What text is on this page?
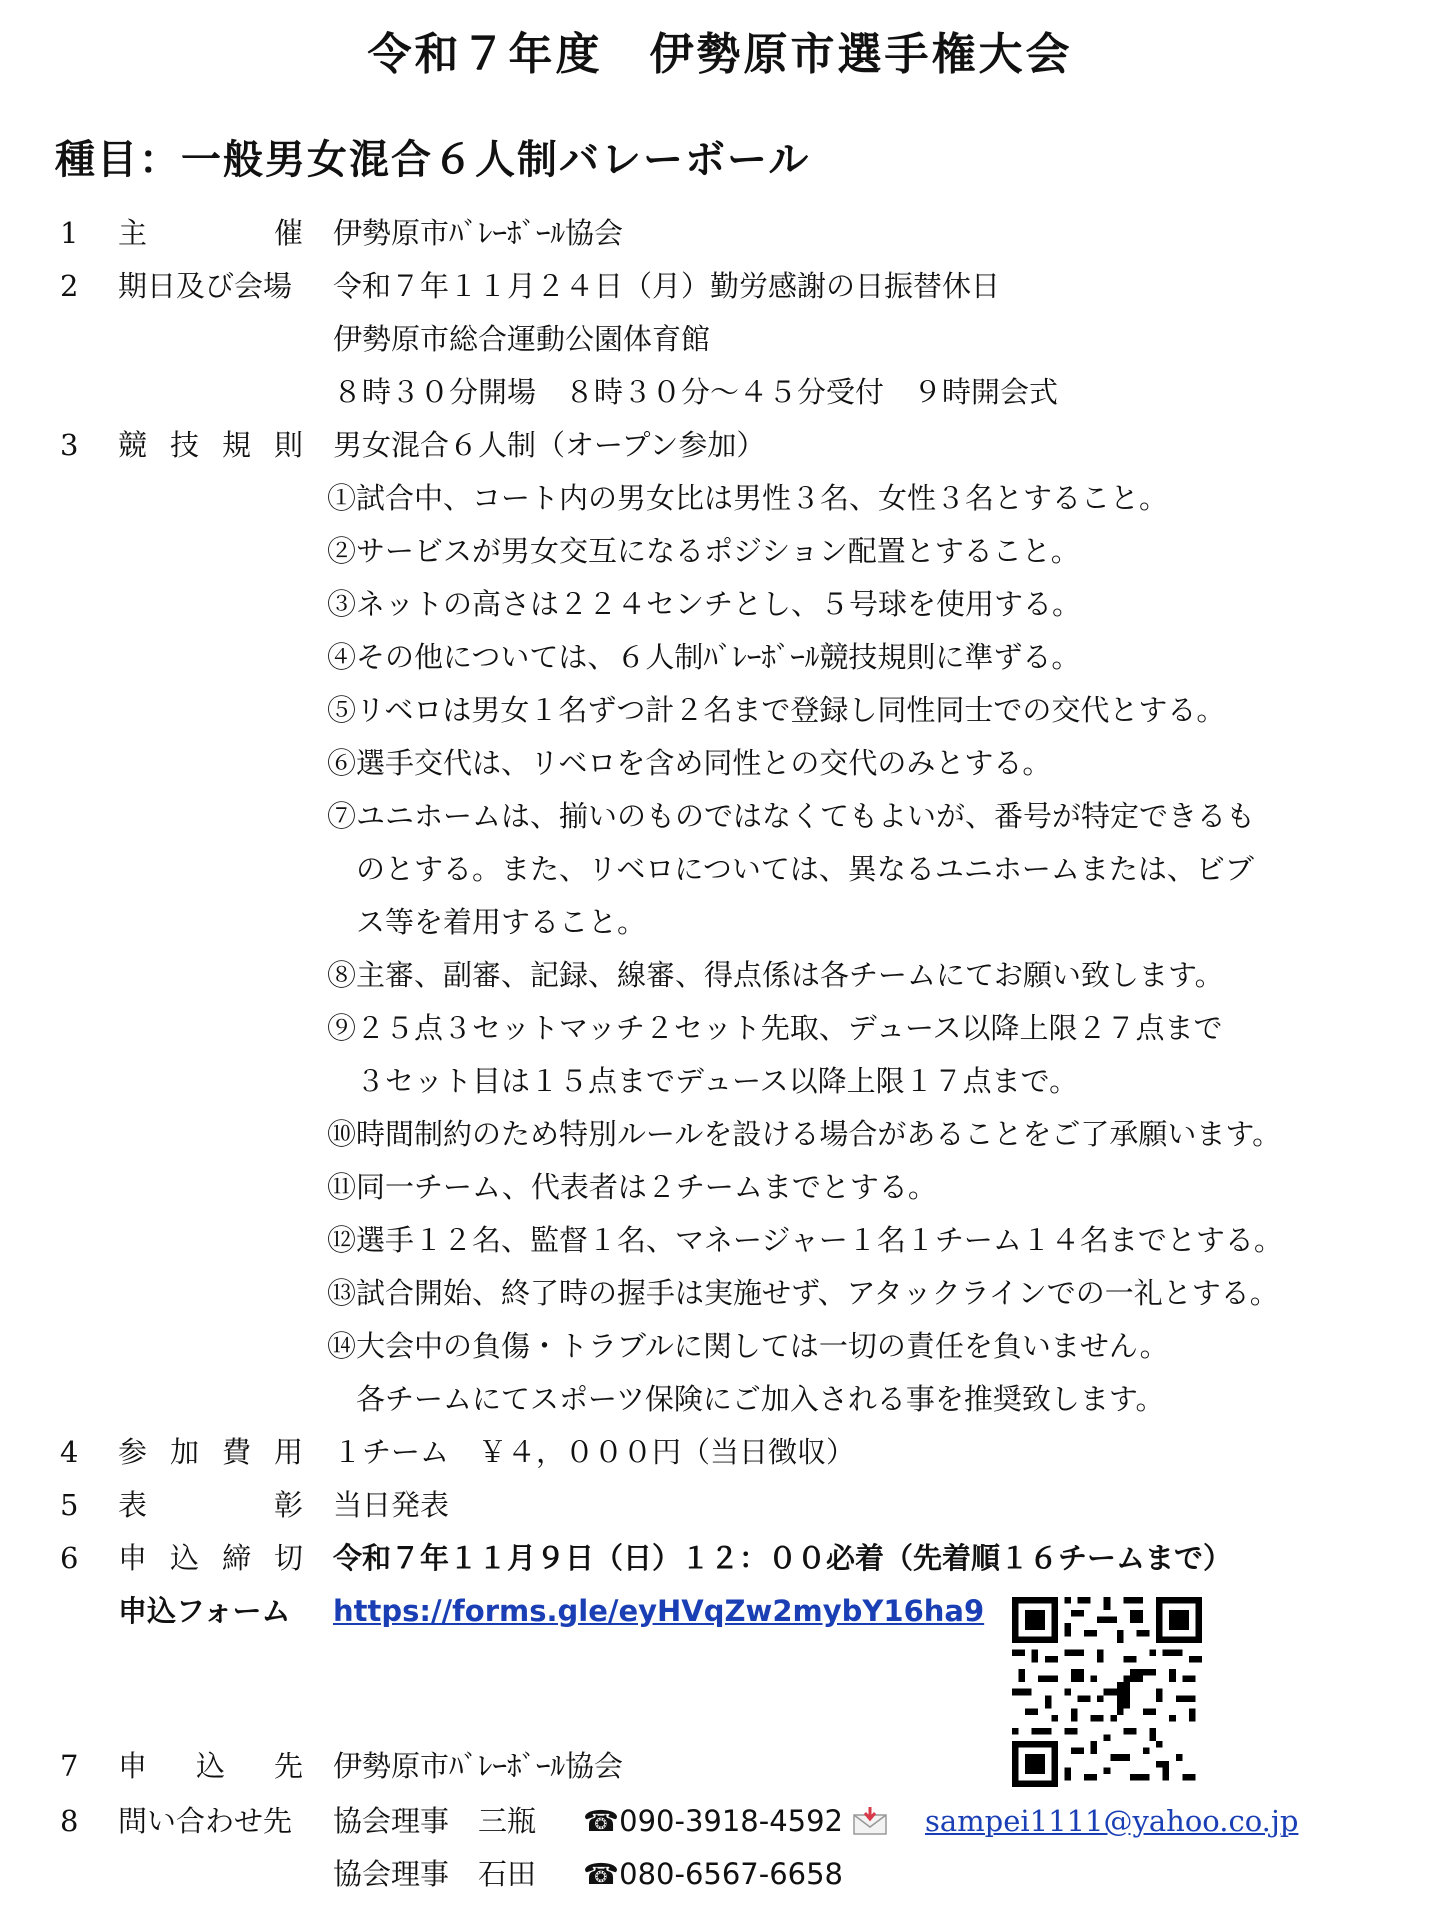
令和７年度　伊勢原市選手権大会
種目：一般男女混合６人制バレーボール
1 主	催 伊勢原市ﾊﾞﾚｰﾎﾞｰﾙ協会
2 期日及び会場	令和７年１１月２４日（月）勤労感謝の日振替休日
伊勢原市総合運動公園体育館
８時３０分開場　８時３０分～４５分受付　９時開会式
3 競 技 規 則 男女混合６人制（オープン参加）
①試合中、コート内の男女比は男性３名、女性３名とすること。
②サービスが男女交互になるポジション配置とすること。
③ネットの高さは２２４センチとし、５号球を使用する。
④その他については、６人制ﾊﾞﾚｰﾎﾞｰﾙ競技規則に準ずる。
⑤リベロは男女１名ずつ計２名まで登録し同性同士での交代とする。
⑥選手交代は、リベロを含め同性との交代のみとする。
⑦ユニホームは、揃いのものではなくてもよいが、番号が特定できるも
　のとする。また、リベロについては、異なるユニホームまたは、ビブ
　ス等を着用すること。
⑧主審、副審、記録、線審、得点係は各チームにてお願い致します。
⑨２５点３セットマッチ２セット先取、デュース以降上限２７点まで
　３セット目は１５点までデュース以降上限１７点まで。
⑩時間制約のため特別ルールを設ける場合があることをご了承願います。
⑪同一チーム、代表者は２チームまでとする。
⑫選手１２名、監督１名、マネージャー１名１チーム１４名までとする。
⑬試合開始、終了時の握手は実施せず、アタックラインでの一礼とする。
⑭大会中の負傷・トラブルに関しては一切の責任を負いません。
　各チームにてスポーツ保険にご加入される事を推奨致します。
4 参 加 費 用 １チーム　￥４，０００円（当日徴収）
5 表	彰 当日発表
6 申 込 締 切 令和７年１１月９日（日）１２：００必着（先着順１６チームまで）
申込フォーム	https://forms.gle/eyHVqZw2mybY16ha9
7 申 込 先 伊勢原市ﾊﾞﾚｰﾎﾞｰﾙ協会
8 問い合わせ先	協会理事　三瓶 ☎090-3918-4592	sampei1111@yahoo.co.jp
協会理事　石田 ☎080-6567-6658
